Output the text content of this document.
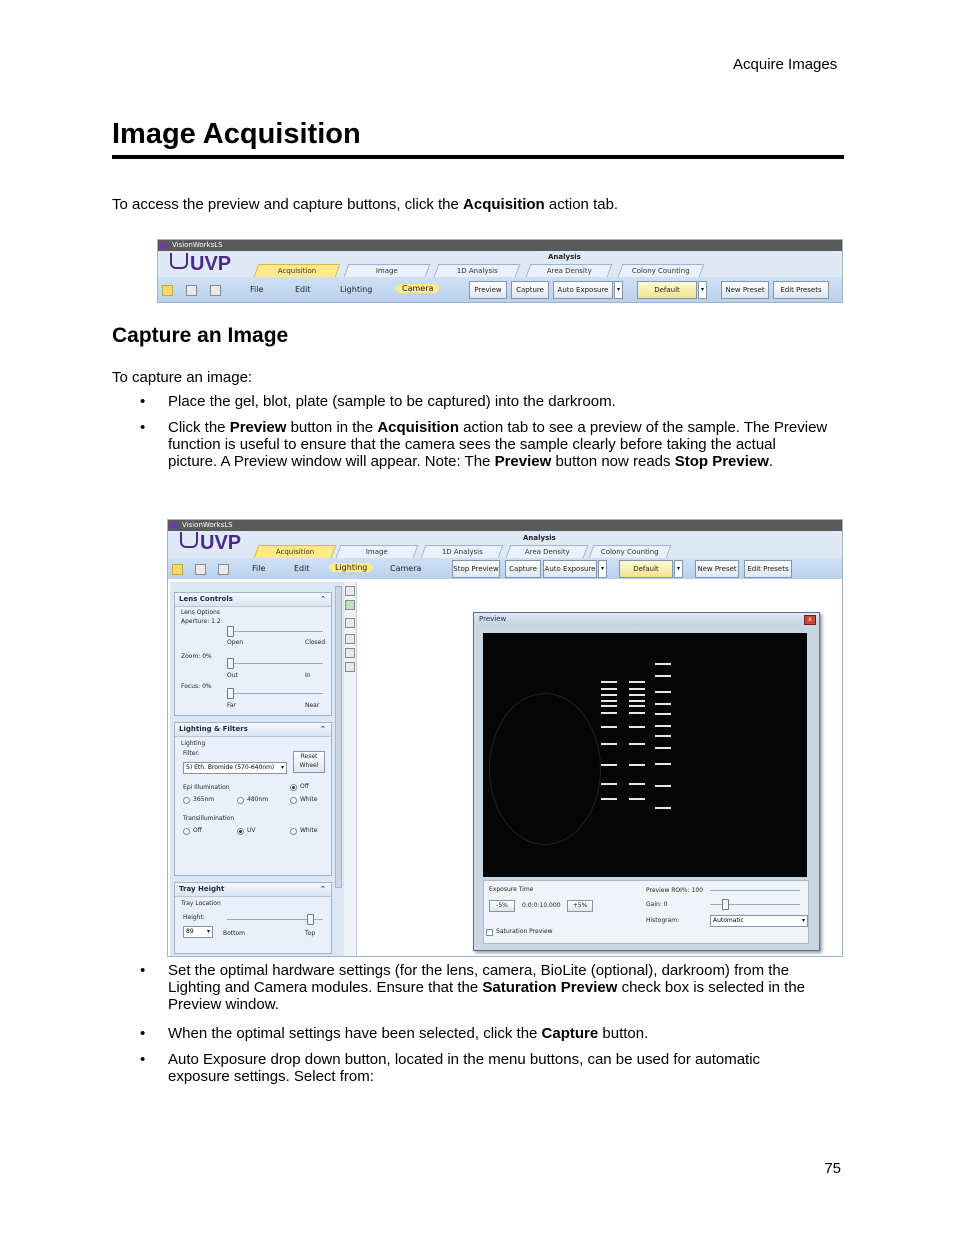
Acquire Images
Image Acquisition
To access the preview and capture buttons, click the Acquisition action tab.
VisionWorksLS
UVP	Analysis
Acquisition	Image	1D Analysis	Area Density	Colony Counting
File	Edit	Lighting	Camera	Preview	Capture	Auto Exposure	▾	Default	▾	New Preset	Edit Presets
Capture an Image
To capture an image:
• Place the gel, blot, plate (sample to be captured) into the darkroom.
• Click the Preview button in the Acquisition action tab to see a preview of the sample. The Preview function is useful to ensure that the camera sees the sample clearly before taking the actual picture. A Preview window will appear. Note: The Preview button now reads Stop Preview.
VisionWorksLS
UVP	Analysis
Acquisition	Image	1D Analysis	Area Density	Colony Counting
File	Edit	Lighting	Camera	Stop Preview	Capture	Auto Exposure ▾	Default	▾	New Preset	Edit Presets
Lens Controls	⌃
Lens Options
Aperture: 1.2
Open	Closed
Zoom: 0%
Out	In
Focus: 0%
Far	Near
Lighting & Filters	⌃
Lighting
Filter:
5) Eth. Bromide (570-640nm) ▾
Reset Wheel
Epi Illumination
365nm	480nm
Off
White
Transillumination
Off	UV	White
Tray Height	⌃
Tray Location
Height:
89 ▾	Bottom	Top
Preview	x
Exposure Time
-5%	0:0:0:10.000	+5%
Saturation Preview
Preview ROI%: 100
Gain: 0
Histogram:	Automatic ▾
• Set the optimal hardware settings (for the lens, camera, BioLite (optional), darkroom) from the Lighting and Camera modules. Ensure that the Saturation Preview check box is selected in the Preview window.
• When the optimal settings have been selected, click the Capture button.
• Auto Exposure drop down button, located in the menu buttons, can be used for automatic exposure settings. Select from:
75
